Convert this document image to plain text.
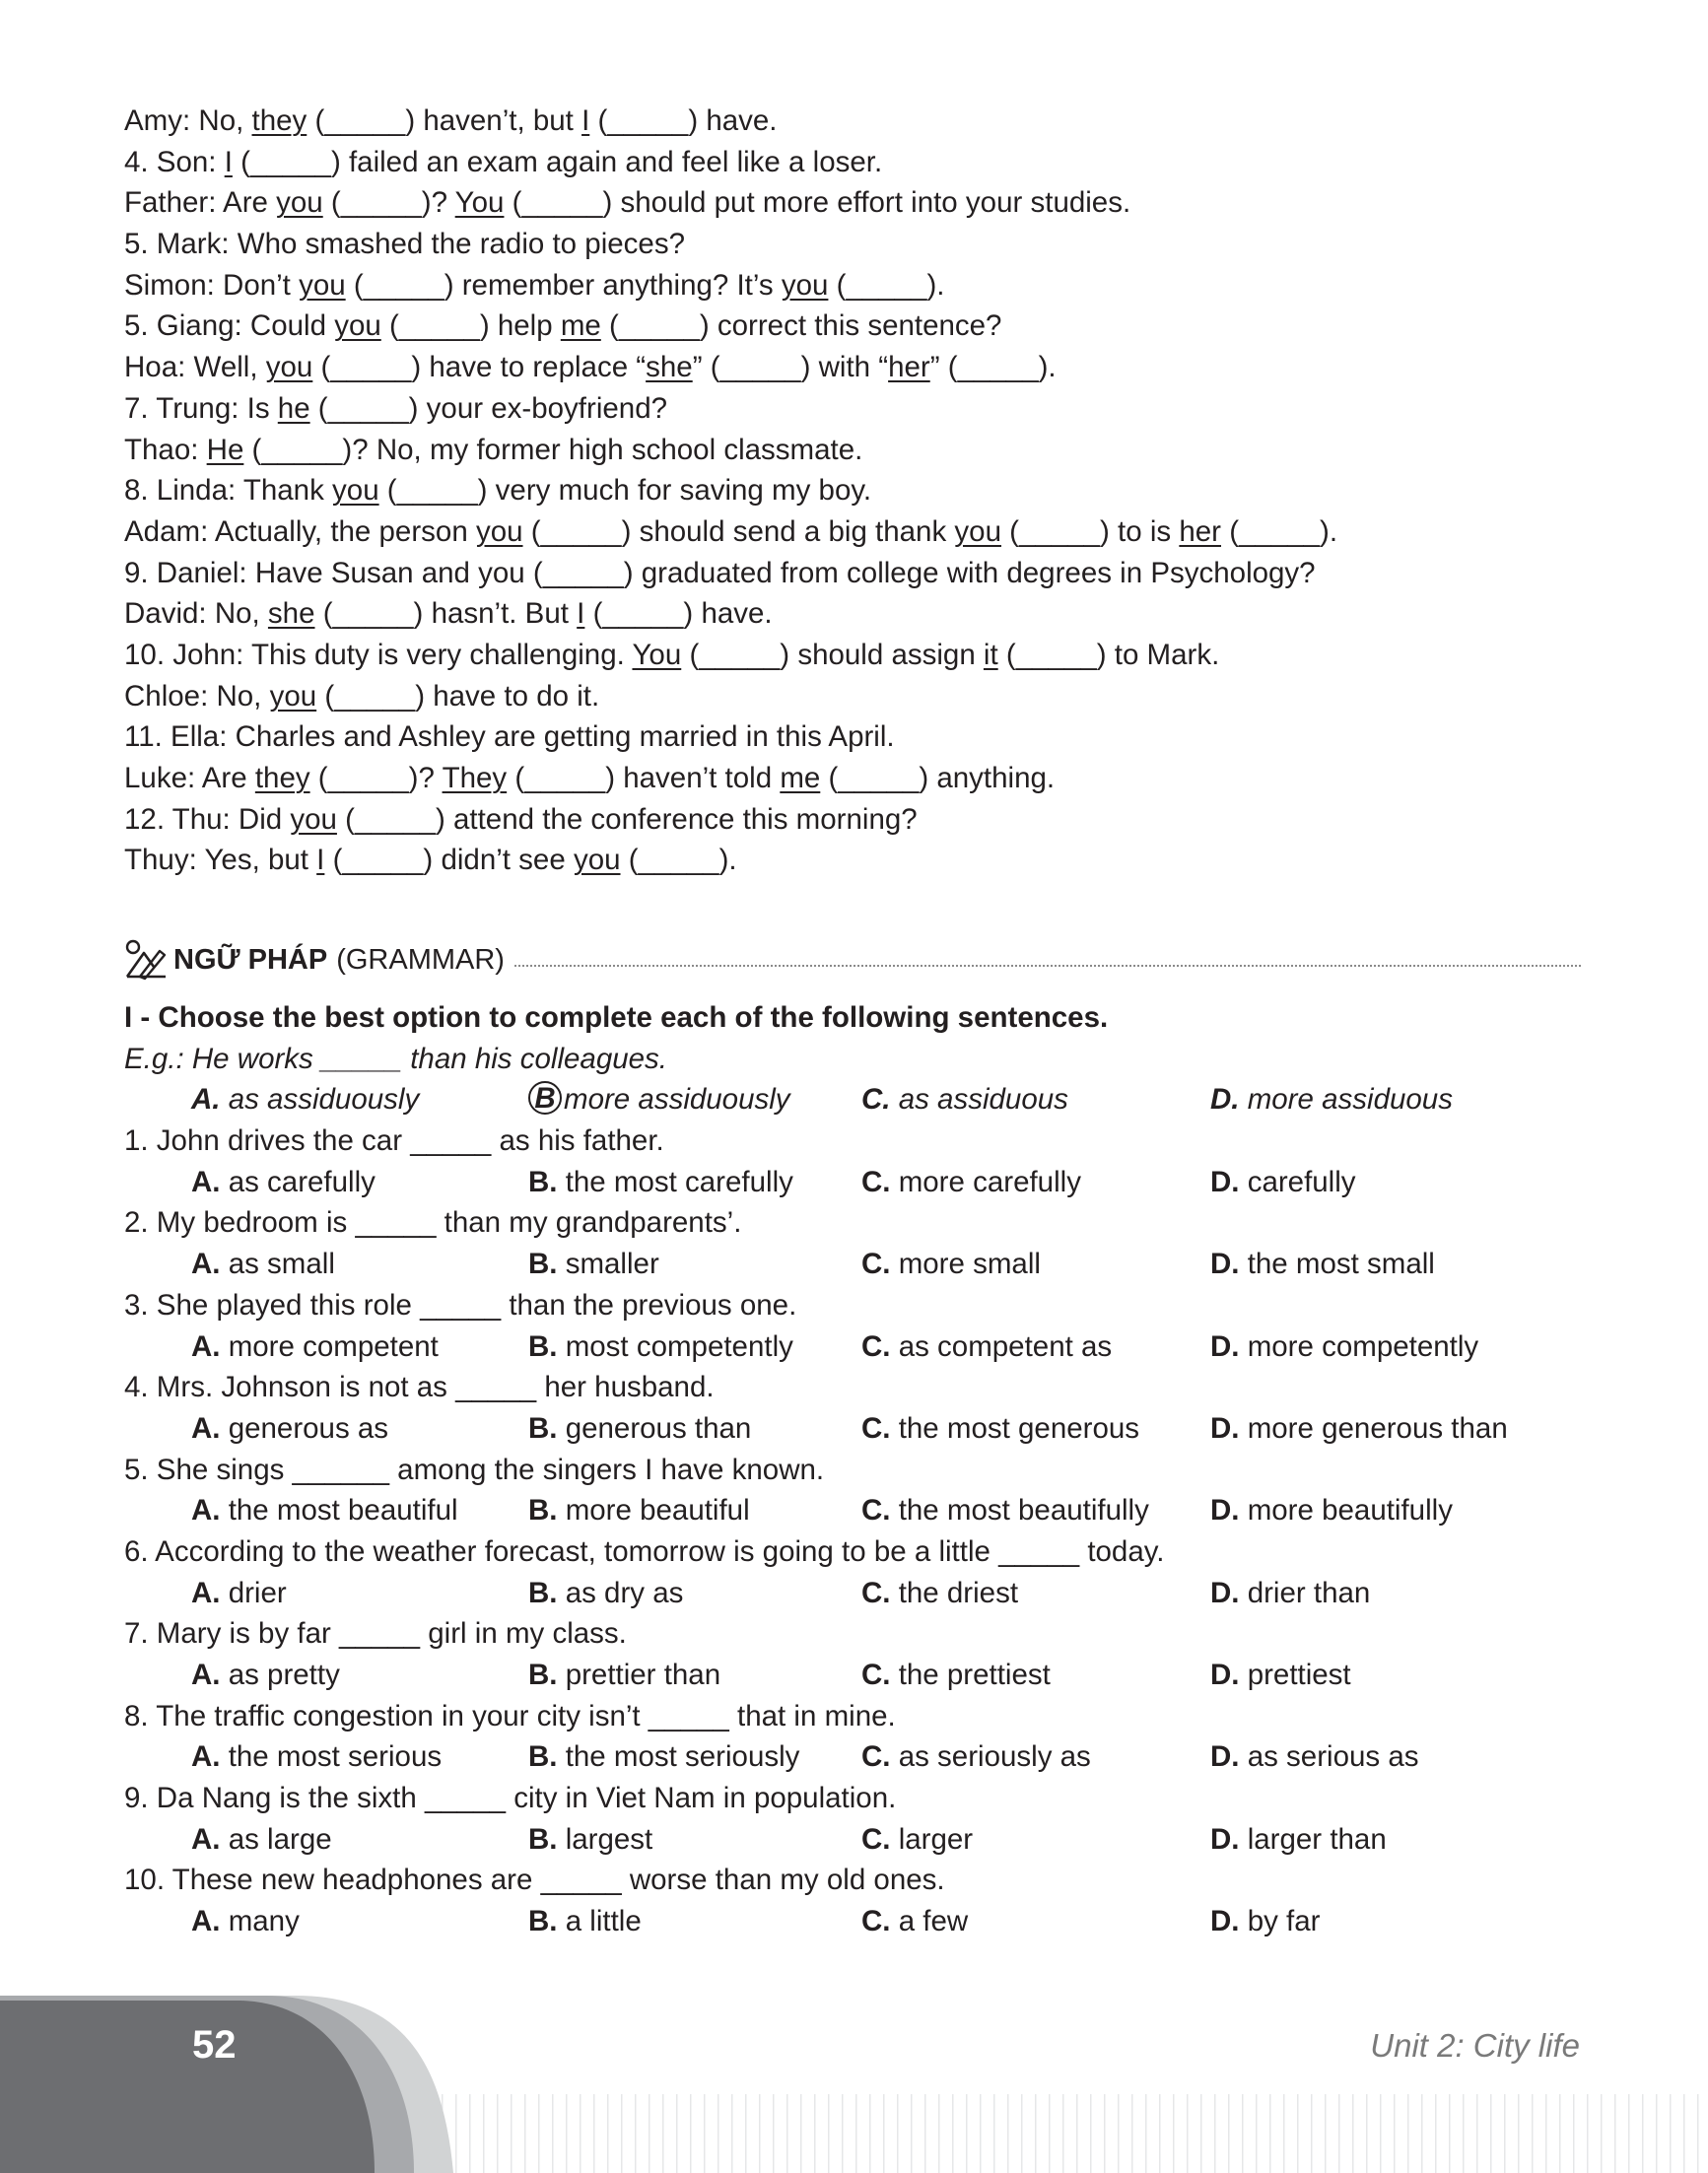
Amy: No, they (_____) haven’t, but I (_____) have.
4. Son: I (_____) failed an exam again and feel like a loser.
Father: Are you (_____)? You (_____) should put more effort into your studies.
5. Mark: Who smashed the radio to pieces?
Simon: Don’t you (_____) remember anything? It’s you (_____).
5. Giang: Could you (_____) help me (_____) correct this sentence?
Hoa: Well, you (_____) have to replace “she” (_____) with “her” (_____).
7. Trung: Is he (_____) your ex-boyfriend?
Thao: He (_____)? No, my former high school classmate.
8. Linda: Thank you (_____) very much for saving my boy.
Adam: Actually, the person you (_____) should send a big thank you (_____) to is her (_____).
9. Daniel: Have Susan and you (_____) graduated from college with degrees in Psychology?
David: No, she (_____) hasn’t. But I (_____) have.
10. John: This duty is very challenging. You (_____) should assign it (_____) to Mark.
Chloe: No, you (_____) have to do it.
11. Ella: Charles and Ashley are getting married in this April.
Luke: Are they (_____)? They (_____) haven’t told me (_____) anything.
12. Thu: Did you (_____) attend the conference this morning?
Thuy: Yes, but I (_____) didn’t see you (_____).
NGỮ PHÁP (GRAMMAR)
I - Choose the best option to complete each of the following sentences.
E.g.: He works _____ than his colleagues.
A. as assiduously	B more assiduously C. as assiduous	D. more assiduous
1. John drives the car _____ as his father.
A. as carefully	B. the most carefully C. more carefully	D. carefully
2. My bedroom is _____ than my grandparents’.
A. as small	B. smaller	C. more small	D. the most small
3. She played this role _____ than the previous one.
A. more competent	B. most competently C. as competent as	D. more competently
4. Mrs. Johnson is not as _____ her husband.
A. generous as	B. generous than	C. the most generous D. more generous than
5. She sings ______ among the singers I have known.
A. the most beautiful B. more beautiful	C. the most beautifully D. more beautifully
6. According to the weather forecast, tomorrow is going to be a little _____ today.
A. drier	B. as dry as	C. the driest	D. drier than
7. Mary is by far _____ girl in my class.
A. as pretty	B. prettier than	C. the prettiest	D. prettiest
8. The traffic congestion in your city isn’t _____ that in mine.
A. the most serious	B. the most seriously C. as seriously as	D. as serious as
9. Da Nang is the sixth _____ city in Viet Nam in population.
A. as large	B. largest	C. larger	D. larger than
10. These new headphones are _____ worse than my old ones.
A. many	B. a little	C. a few	D. by far
52	Unit 2: City life
